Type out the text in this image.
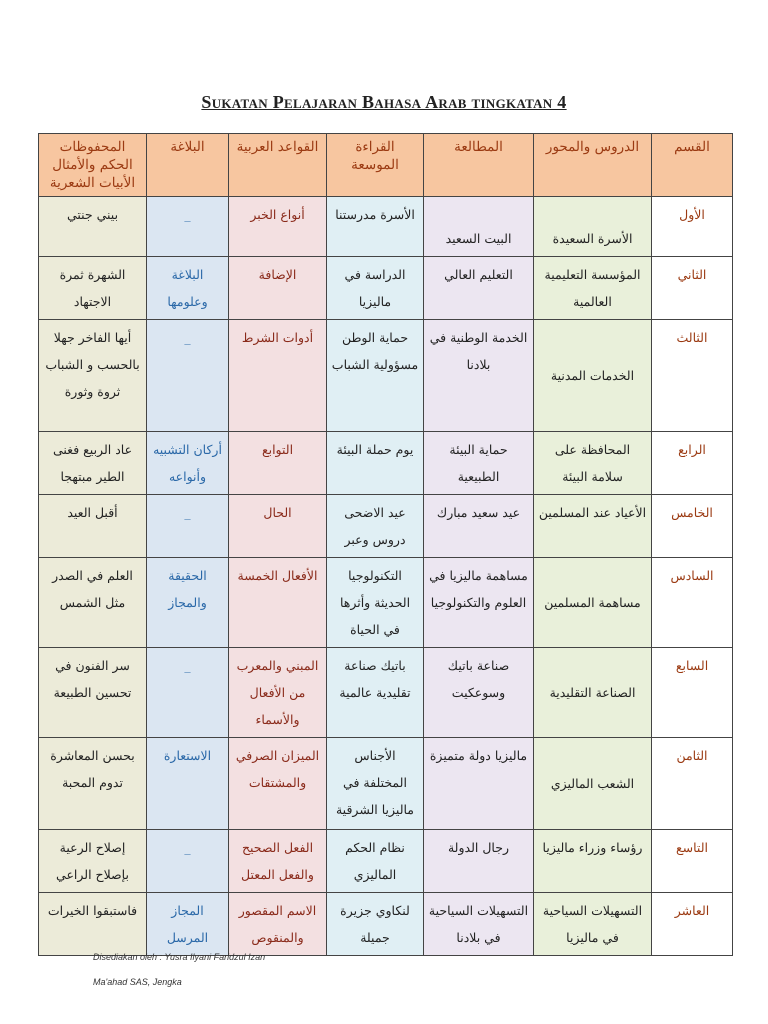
Sukatan Pelajaran Bahasa Arab tingkatan 4
القسم	الدروس والمحور	المطالعة	القراءة الموسعة	القواعد العربية	البلاغة	المحفوظات الحكم والأمثال الأبيات الشعرية
الأول	الأسرة السعيدة	البيت السعيد	الأسرة مدرستنا	أنواع الخبر	_	بيني جنتي
الثاني	المؤسسة التعليمية العالمية	التعليم العالي	الدراسة في ماليزيا	الإضافة	البلاغة وعلومها	الشهرة ثمرة الاجتهاد
الثالث	الخدمات المدنية	الخدمة الوطنية في بلادنا	حماية الوطن مسؤولية الشباب	أدوات الشرط	_	أيها الفاخر جهلا بالحسب و الشباب ثروة وثورة
الرابع	المحافظة على سلامة البيئة	حماية البيئة الطبيعية	يوم حملة البيئة	التوابع	أركان التشبيه وأنواعه	عاد الربيع فغنى الطير مبتهجا
الخامس	الأعياد عند المسلمين	عيد سعيد مبارك	عيد الاضحى دروس وعبر	الحال	_	أقبل العيد
السادس	مساهمة المسلمين	مساهمة ماليزيا في العلوم والتكنولوجيا	التكنولوجيا الحديثة وأثرها في الحياة	الأفعال الخمسة	الحقيقة والمجاز	العلم في الصدر مثل الشمس
السابع	الصناعة التقليدية	صناعة باتيك وسوعكيت	باتيك صناعة تقليدية عالمية	المبني والمعرب من الأفعال والأسماء	_	سر الفنون في تحسين الطبيعة
الثامن	الشعب الماليزي	ماليزيا دولة متميزة	الأجناس المختلفة في ماليزيا الشرقية	الميزان الصرفي والمشتقات	الاستعارة	بحسن المعاشرة تدوم المحبة
التاسع	رؤساء وزراء ماليزيا	رجال الدولة	نظام الحكم الماليزي	الفعل الصحيح والفعل المعتل	_	إصلاح الرعية بإصلاح الراعي
العاشر	التسهيلات السياحية في ماليزيا	التسهيلات السياحية في بلادنا	لنكاوي جزيرة جميلة	الاسم المقصور والمنقوص	المجاز المرسل	فاستبقوا الخيرات
Disediakan oleh : Yusra Ilyani Faridzul Izan
Ma'ahad SAS, Jengka
